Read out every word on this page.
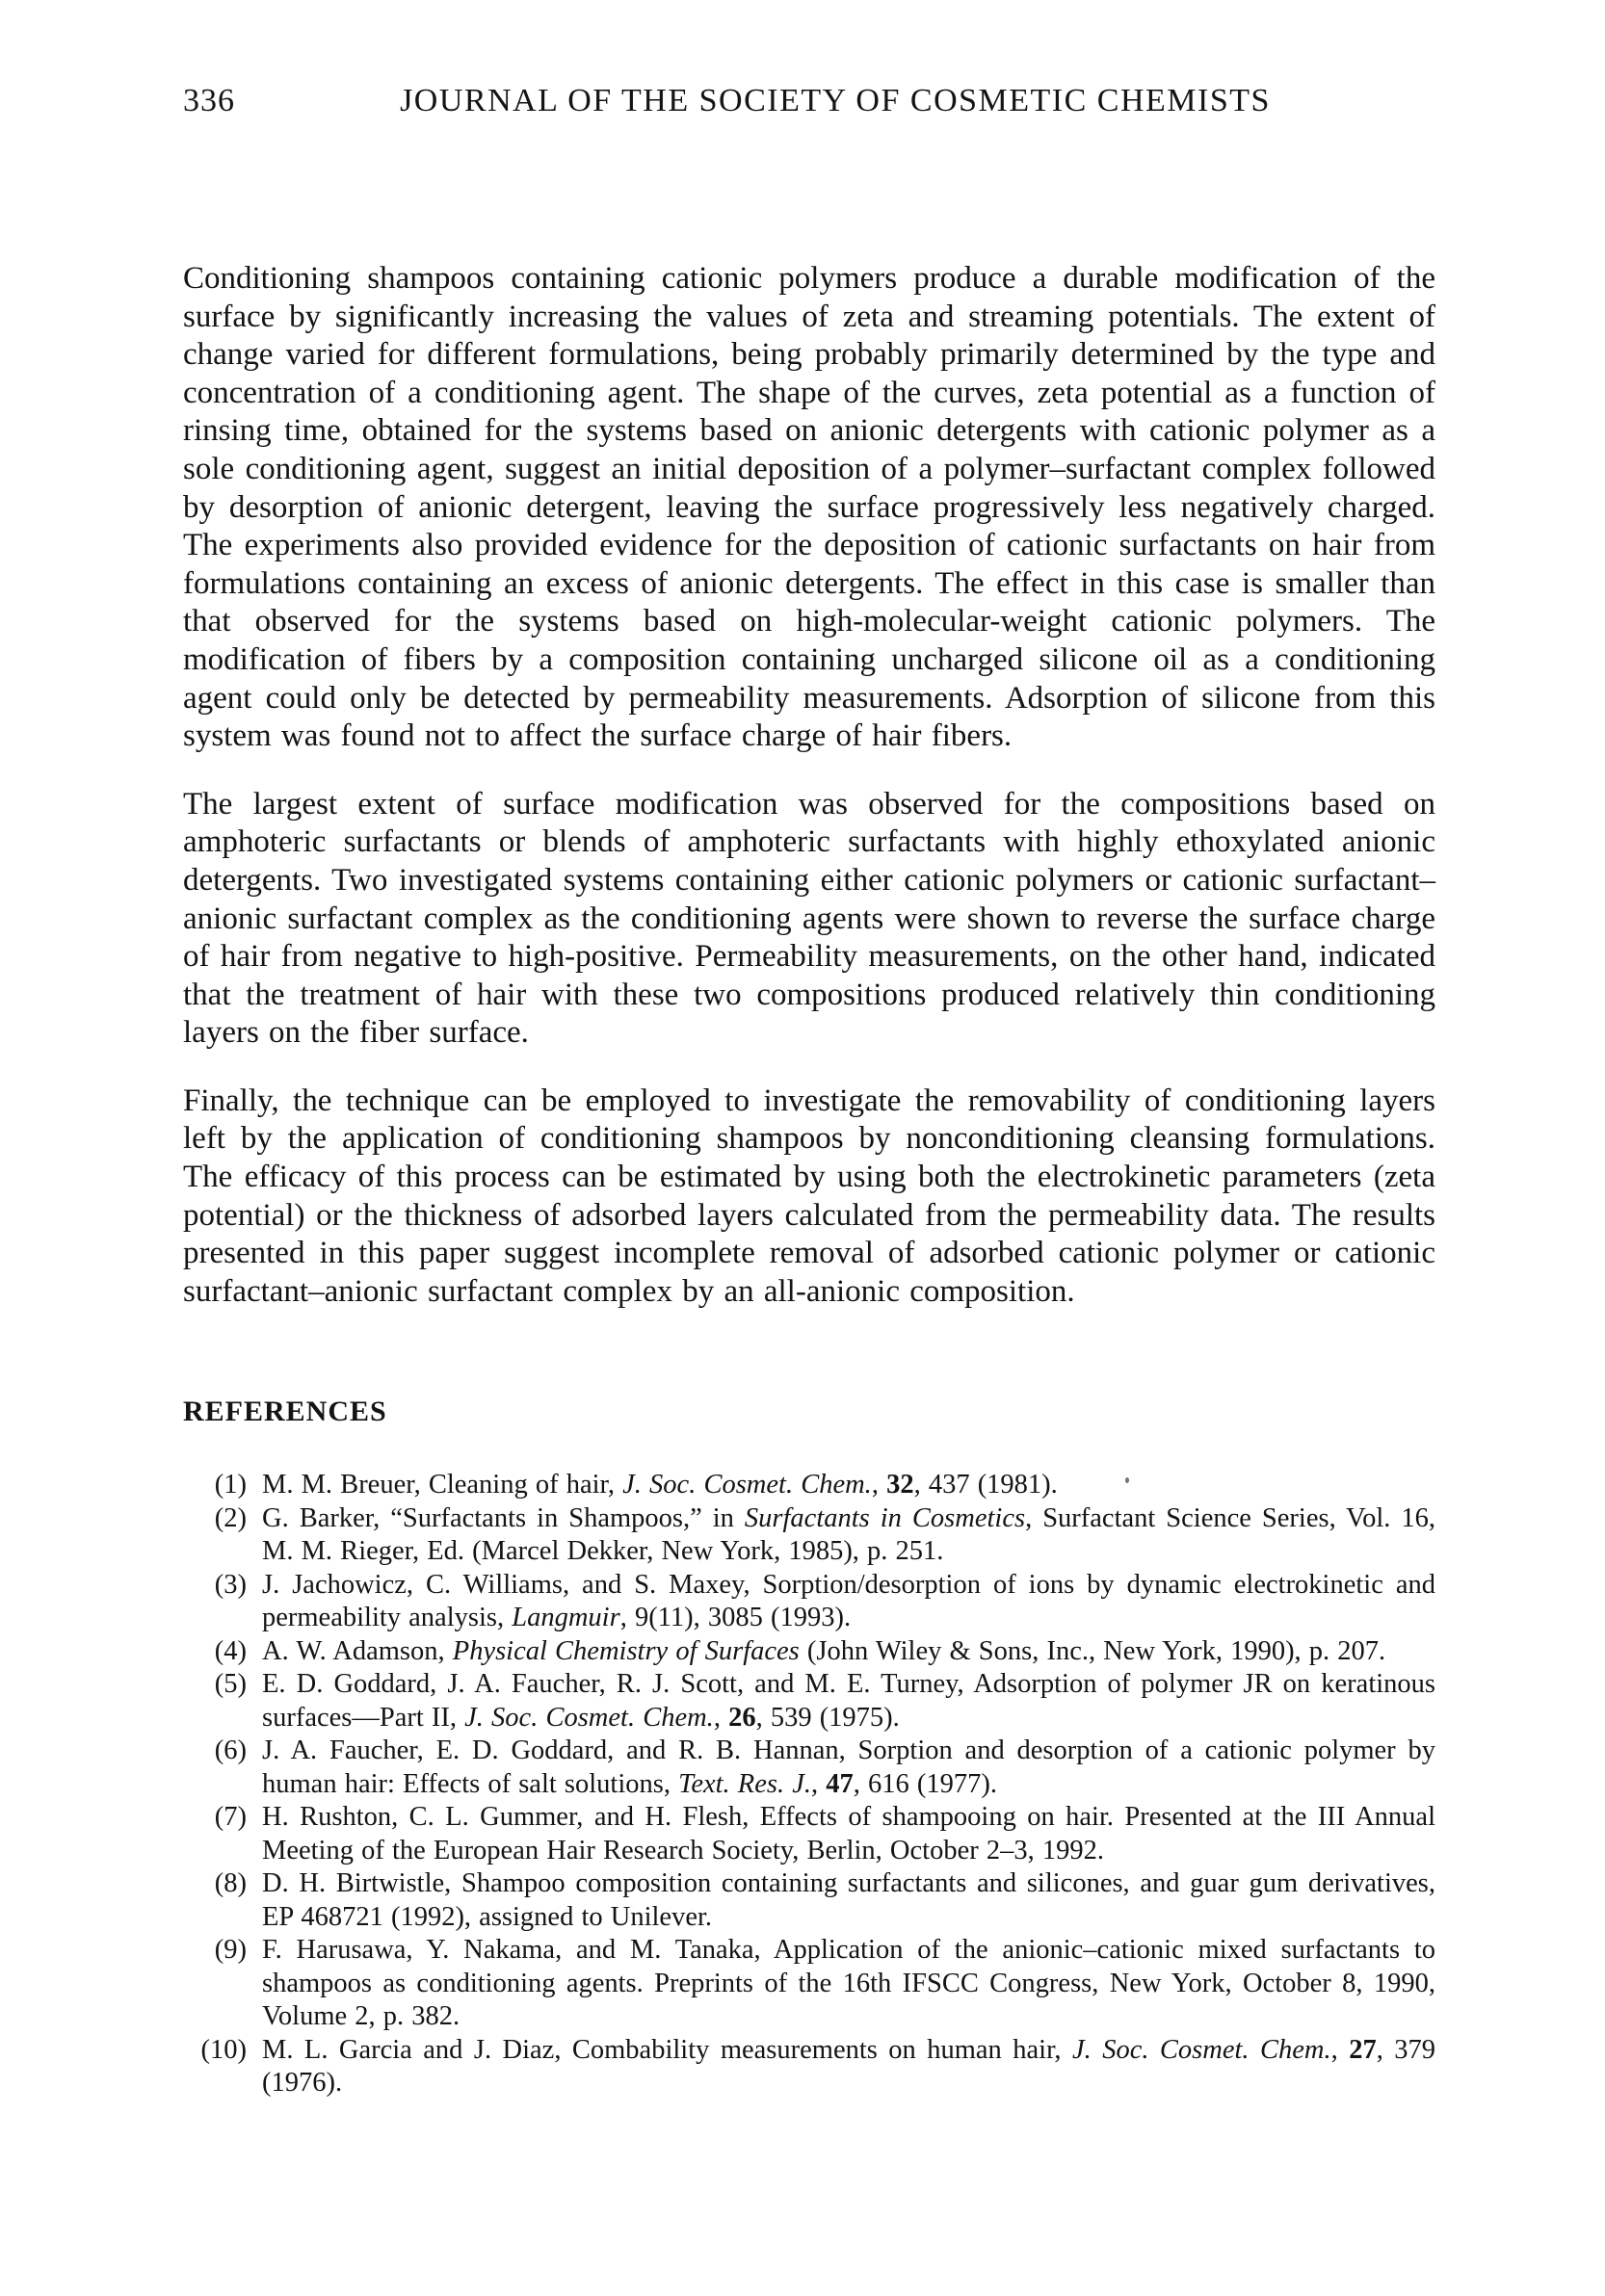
336	JOURNAL OF THE SOCIETY OF COSMETIC CHEMISTS

Conditioning shampoos containing cationic polymers produce a durable modification of the surface by significantly increasing the values of zeta and streaming potentials. The extent of change varied for different formulations, being probably primarily determined by the type and concentration of a conditioning agent. The shape of the curves, zeta potential as a function of rinsing time, obtained for the systems based on anionic detergents with cationic polymer as a sole conditioning agent, suggest an initial deposition of a polymer–surfactant complex followed by desorption of anionic detergent, leaving the surface progressively less negatively charged. The experiments also provided evidence for the deposition of cationic surfactants on hair from formulations containing an excess of anionic detergents. The effect in this case is smaller than that observed for the systems based on high-molecular-weight cationic polymers. The modification of fibers by a composition containing uncharged silicone oil as a conditioning agent could only be detected by permeability measurements. Adsorption of silicone from this system was found not to affect the surface charge of hair fibers.

The largest extent of surface modification was observed for the compositions based on amphoteric surfactants or blends of amphoteric surfactants with highly ethoxylated anionic detergents. Two investigated systems containing either cationic polymers or cationic surfactant–anionic surfactant complex as the conditioning agents were shown to reverse the surface charge of hair from negative to high-positive. Permeability measurements, on the other hand, indicated that the treatment of hair with these two compositions produced relatively thin conditioning layers on the fiber surface.

Finally, the technique can be employed to investigate the removability of conditioning layers left by the application of conditioning shampoos by nonconditioning cleansing formulations. The efficacy of this process can be estimated by using both the electrokinetic parameters (zeta potential) or the thickness of adsorbed layers calculated from the permeability data. The results presented in this paper suggest incomplete removal of adsorbed cationic polymer or cationic surfactant–anionic surfactant complex by an all-anionic composition.

REFERENCES
(1) M. M. Breuer, Cleaning of hair, J. Soc. Cosmet. Chem., 32, 437 (1981).
(2) G. Barker, “Surfactants in Shampoos,” in Surfactants in Cosmetics, Surfactant Science Series, Vol. 16, M. M. Rieger, Ed. (Marcel Dekker, New York, 1985), p. 251.
(3) J. Jachowicz, C. Williams, and S. Maxey, Sorption/desorption of ions by dynamic electrokinetic and permeability analysis, Langmuir, 9(11), 3085 (1993).
(4) A. W. Adamson, Physical Chemistry of Surfaces (John Wiley & Sons, Inc., New York, 1990), p. 207.
(5) E. D. Goddard, J. A. Faucher, R. J. Scott, and M. E. Turney, Adsorption of polymer JR on keratinous surfaces—Part II, J. Soc. Cosmet. Chem., 26, 539 (1975).
(6) J. A. Faucher, E. D. Goddard, and R. B. Hannan, Sorption and desorption of a cationic polymer by human hair: Effects of salt solutions, Text. Res. J., 47, 616 (1977).
(7) H. Rushton, C. L. Gummer, and H. Flesh, Effects of shampooing on hair. Presented at the III Annual Meeting of the European Hair Research Society, Berlin, October 2–3, 1992.
(8) D. H. Birtwistle, Shampoo composition containing surfactants and silicones, and guar gum derivatives, EP 468721 (1992), assigned to Unilever.
(9) F. Harusawa, Y. Nakama, and M. Tanaka, Application of the anionic–cationic mixed surfactants to shampoos as conditioning agents. Preprints of the 16th IFSCC Congress, New York, October 8, 1990, Volume 2, p. 382.
(10) M. L. Garcia and J. Diaz, Combability measurements on human hair, J. Soc. Cosmet. Chem., 27, 379 (1976).
